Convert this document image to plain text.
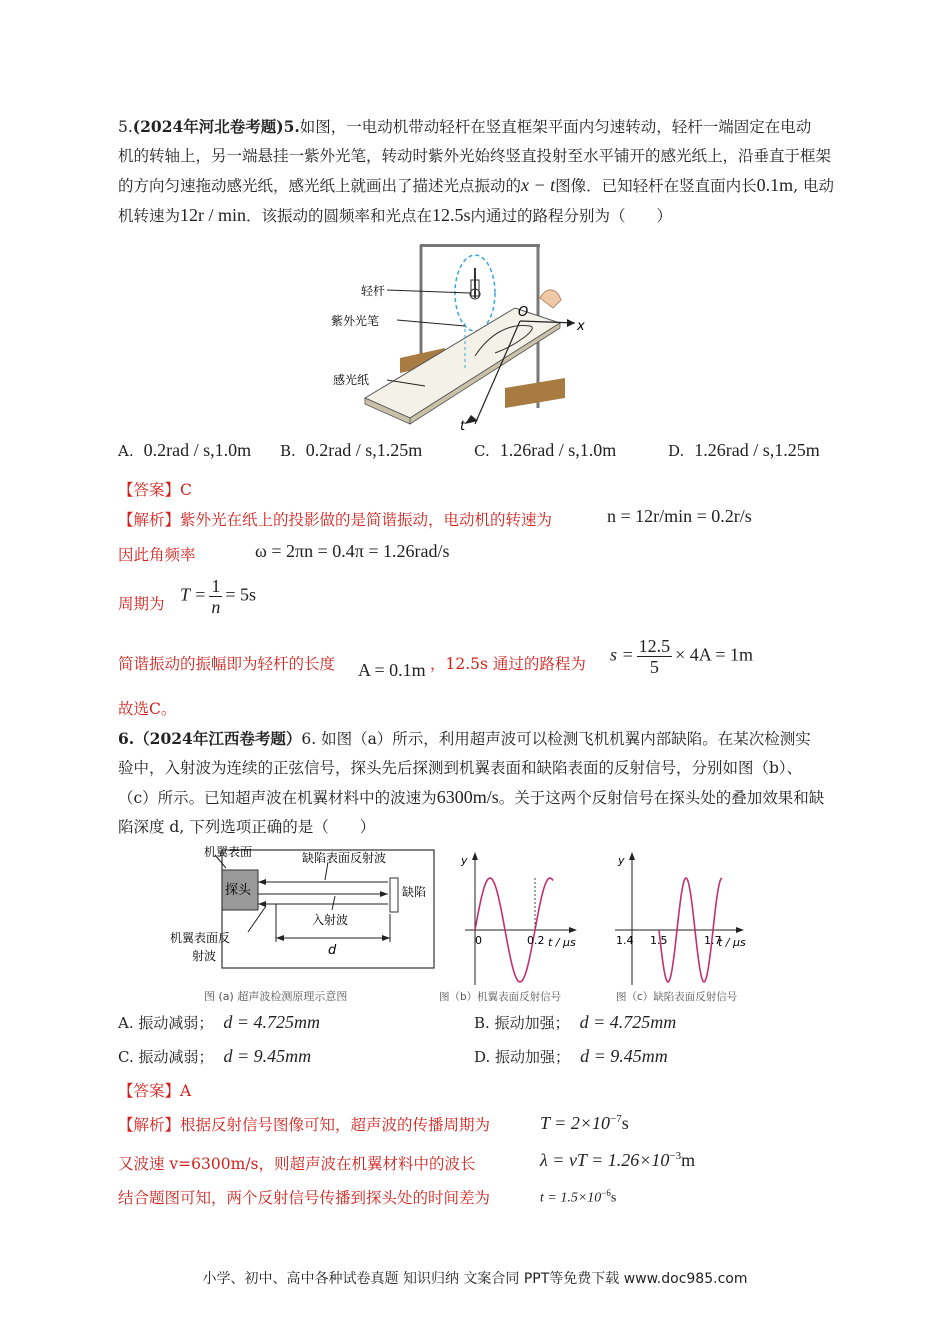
5.(2024年河北卷考题)5.如图，一电动机带动轻杆在竖直框架平面内匀速转动，轻杆一端固定在电动
机的转轴上，另一端悬挂一紫外光笔，转动时紫外光始终竖直投射至水平铺开的感光纸上，沿垂直于框架
的方向匀速拖动感光纸，感光纸上就画出了描述光点振动的x − t图像．已知轻杆在竖直面内长0.1m, 电动
机转速为12r / min．该振动的圆频率和光点在12.5s内通过的路程分别为（　　）
轻杆
紫外光笔
感光纸
O
x
t
A. 0.2rad / s,1.0m B. 0.2rad / s,1.25m	C. 1.26rad / s,1.0m	D. 1.26rad / s,1.25m
【答案】C
【解析】紫外光在纸上的投影做的是简谐振动，电动机的转速为	n = 12r/min = 0.2r/s
因此角频率	ω = 2πn = 0.4π = 1.26rad/s
周期为 $T = \frac{1}{n} = 5s$
简谐振动的振幅即为轻杆的长度 A = 0.1m ，12.5s 通过的路程为 $s = \frac{12.5}{5} \times 4A = 1m$
故选C。
6.（2024年江西卷考题）6. 如图（a）所示，利用超声波可以检测飞机机翼内部缺陷。在某次检测实
验中，入射波为连续的正弦信号，探头先后探测到机翼表面和缺陷表面的反射信号，分别如图（b）、
（c）所示。已知超声波在机翼材料中的波速为6300m/s。关于这两个反射信号在探头处的叠加效果和缺
陷深度 d, 下列选项正确的是（　　）
机翼表面	缺陷表面反射波
探头	缺陷
入射波
机翼表面反
射波	d
图 (a) 超声波检测原理示意图
y
0	0.2 t / μs
图（b）机翼表面反射信号
y
1.4 1.5	1.7
t / μs
图（c）缺陷表面反射信号
A. 振动减弱； d = 4.725mm	B. 振动加强； d = 4.725mm
C. 振动减弱； d = 9.45mm	D. 振动加强； d = 9.45mm
【答案】A
【解析】根据反射信号图像可知，超声波的传播周期为	$T = 2\times 10^{-7}s$
又波速 v=6300m/s，则超声波在机翼材料中的波长	λ = vT = $1.26\times 10^{-3}m$
结合题图可知，两个反射信号传播到探头处的时间差为	$t = 1.5\times 10^{-6}s$
小学、初中、高中各种试卷真题 知识归纳 文案合同 PPT等免费下载 www.doc985.com
